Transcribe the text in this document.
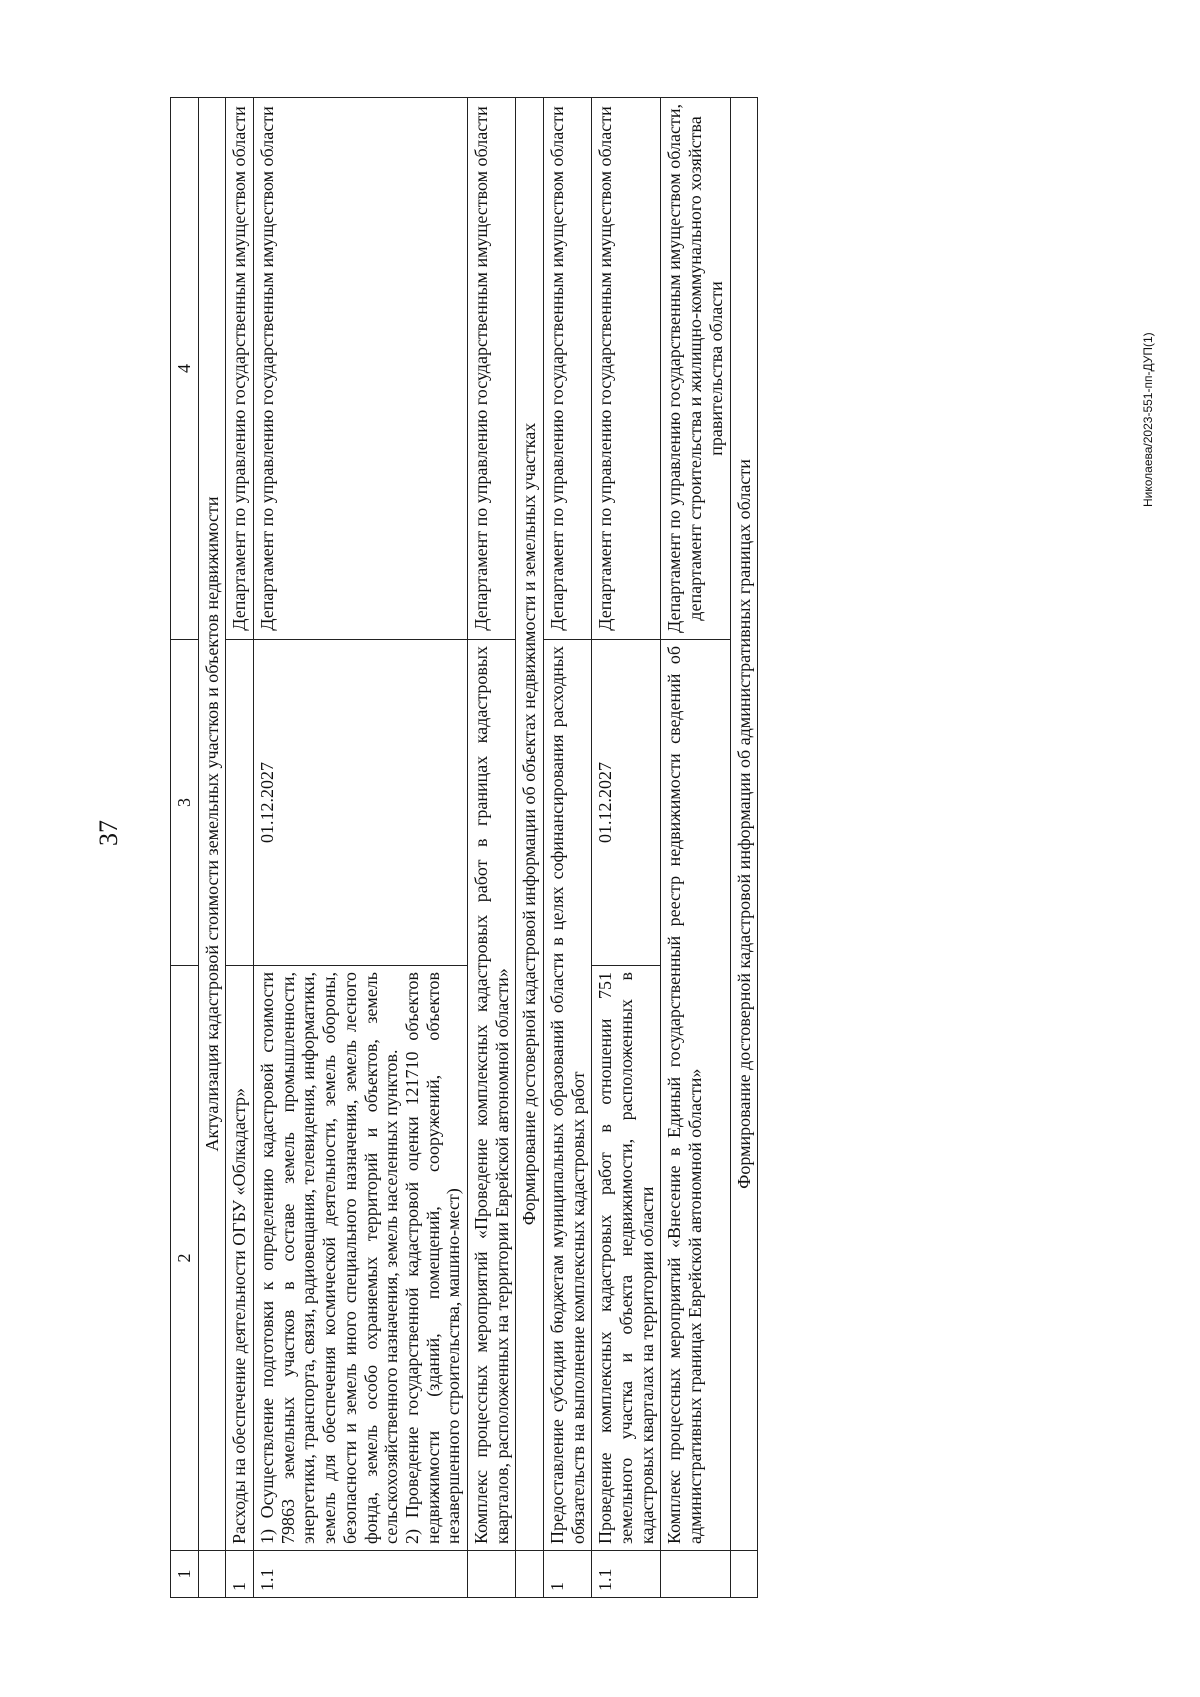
37
Николаева/2023-551-пп-ДУП(1)
1	2	3	4
	Актуализация кадастровой стоимости земельных участков и объектов недвижимости		
1	Расходы на обеспечение деятельности ОГБУ «Облкадастр»		Департамент по управлению государственным имуществом области
1.1	1) Осуществление подготовки к определению кадастровой стоимости 79863 земельных участков в составе земель промышленности, энергетики, транспорта, связи, радиовещания, телевидения, информатики, земель для обеспечения космической деятельности, земель обороны, безопасности и земель иного специального назначения, земель лесного фонда, земель особо охраняемых территорий и объектов, земель сельскохозяйственного назначения, земель населенных пунктов. 2) Проведение государственной кадастровой оценки 121710 объектов недвижимости (зданий, помещений, сооружений, объектов незавершенного строительства, машино-мест)	01.12.2027	Департамент по управлению государственным имуществом области
	Комплекс процессных мероприятий «Проведение комплексных кадастровых работ в границах кадастровых кварталов, расположенных на территории Еврейской автономной области»		Департамент по управлению государственным имуществом области
	Формирование достоверной кадастровой информации об объектах недвижимости и земельных участках		
1	Предоставление субсидии бюджетам муниципальных образований области в целях софинансирования расходных обязательств на выполнение комплексных кадастровых работ		Департамент по управлению государственным имуществом области
1.1	Проведение комплексных кадастровых работ в отношении 751 земельного участка и объекта недвижимости, расположенных в кадастровых кварталах на территории области	01.12.2027	Департамент по управлению государственным имуществом области
	Комплекс процессных мероприятий «Внесение в Единый государственный реестр недвижимости сведений об административных границах Еврейской автономной области»		Департамент по управлению государственным имуществом области, департамент строительства и жилищно-коммунального хозяйства правительства области
	Формирование достоверной кадастровой информации об административных границах области		
